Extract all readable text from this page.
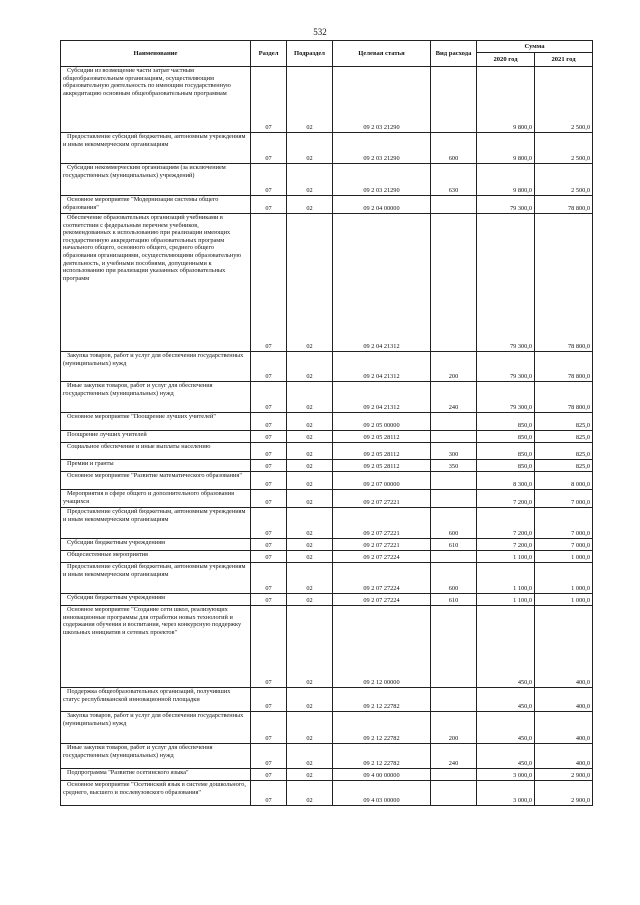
532
Наименование	Раздел	Подраздел	Целевая статья	Вид расхода	Сумма	
					2020 год	2021 год
Субсидии из возмещение части затрат частным общеобразовательным организациям, осуществляющим образовательную деятельность по имеющим государственную аккредитацию основным общеобразовательным программам	07	02	09 2 03 21290		9 800,0	2 500,0
Предоставление субсидий бюджетным, автономным учреждениям и иным некоммерческим организациям	07	02	09 2 03 21290	600	9 800,0	2 500,0
Субсидии некоммерческим организациям (за исключением государственных (муниципальных) учреждений)	07	02	09 2 03 21290	630	9 800,0	2 500,0
Основное мероприятие "Модернизация системы общего образования"	07	02	09 2 04 00000		79 300,0	78 800,0
Обеспечение образовательных организаций учебниками в соответствии с федеральным перечнем учебников, рекомендованных к использованию при реализации имеющих государственную аккредитацию образовательных программ начального общего, основного общего, среднего общего образования организациями, осуществляющими образовательную деятельность, и учебными пособиями, допущенными к использованию при реализации указанных образовательных программ	07	02	09 2 04 21312		79 300,0	78 800,0
Закупка товаров, работ и услуг для обеспечения государственных (муниципальных) нужд	07	02	09 2 04 21312	200	79 300,0	78 800,0
Иные закупки товаров, работ и услуг для обеспечения государственных (муниципальных) нужд	07	02	09 2 04 21312	240	79 300,0	78 800,0
Основное мероприятие "Поощрение лучших учителей"	07	02	09 2 05 00000		850,0	825,0
Поощрение лучших учителей	07	02	09 2 05 28112		850,0	825,0
Социальное обеспечение и иные выплаты населению	07	02	09 2 05 28112	300	850,0	825,0
Премии и гранты	07	02	09 2 05 28112	350	850,0	825,0
Основное мероприятие "Развитие математического образования"	07	02	09 2 07 00000		8 300,0	8 000,0
Мероприятия в сфере общего и дополнительного образования учащихся	07	02	09 2 07 27221		7 200,0	7 000,0
Предоставление субсидий бюджетным, автономным учреждениям и иным некоммерческим организациям	07	02	09 2 07 27221	600	7 200,0	7 000,0
Субсидии бюджетным учреждениям	07	02	09 2 07 27221	610	7 200,0	7 000,0
Общесистемные мероприятия	07	02	09 2 07 27224		1 100,0	1 000,0
Предоставление субсидий бюджетным, автономным учреждениям и иным некоммерческим организациям	07	02	09 2 07 27224	600	1 100,0	1 000,0
Субсидии бюджетным учреждениям	07	02	09 2 07 27224	610	1 100,0	1 000,0
Основное мероприятие "Создание сети школ, реализующих инновационные программы для отработки новых технологий и содержания обучения и воспитания, через конкурсную поддержку школьных инициатив и сетевых проектов"	07	02	09 2 12 00000		450,0	400,0
Поддержка общеобразовательных организаций, получивших статус республиканской инновационной площадки	07	02	09 2 12 22782		450,0	400,0
Закупка товаров, работ и услуг для обеспечения государственных (муниципальных) нужд	07	02	09 2 12 22782	200	450,0	400,0
Иные закупки товаров, работ и услуг для обеспечения государственных (муниципальных) нужд	07	02	09 2 12 22782	240	450,0	400,0
Подпрограмма "Развитие осетинского языка"	07	02	09 4 00 00000		3 000,0	2 900,0
Основное мероприятие "Осетинский язык в системе дошкольного, среднего, высшего и послевузовского образования"	07	02	09 4 03 00000		3 000,0	2 900,0
